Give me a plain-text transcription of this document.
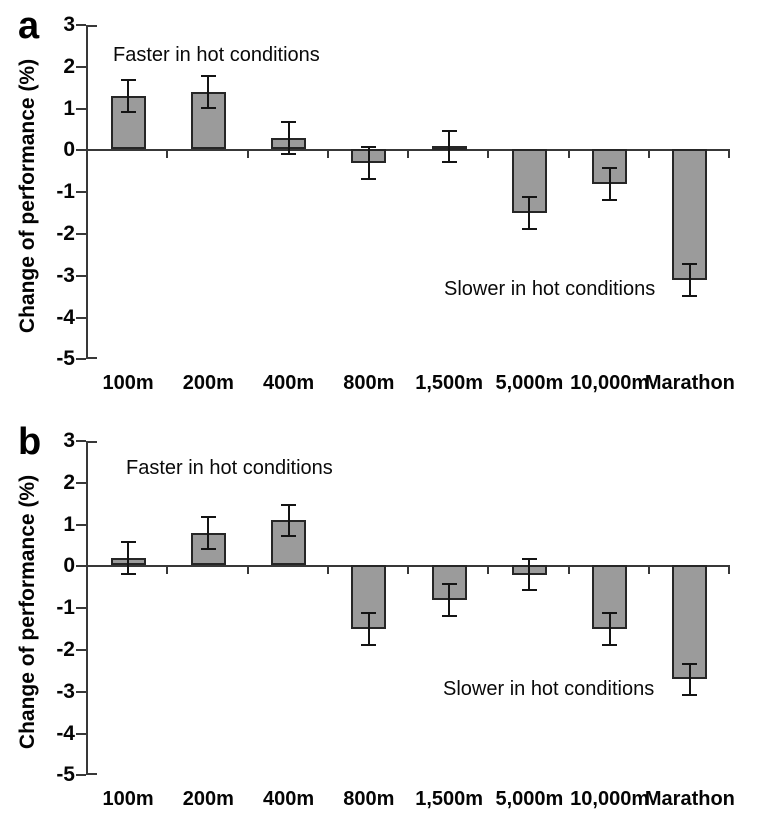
a
Change of performance (%)
3
2
1
0
-1
-2
-3
-4
-5
100m 200m 400m 800m 1,500m 5,000m 10,000m
Marathon
Faster in hot conditions
Slower in hot conditions
b
Change of performance (%)
3
2
1
0
-1
-2
-3
-4
-5
100m 200m 400m 800m 1,500m 5,000m 10,000m
Marathon
Faster in hot conditions
Slower in hot conditions
